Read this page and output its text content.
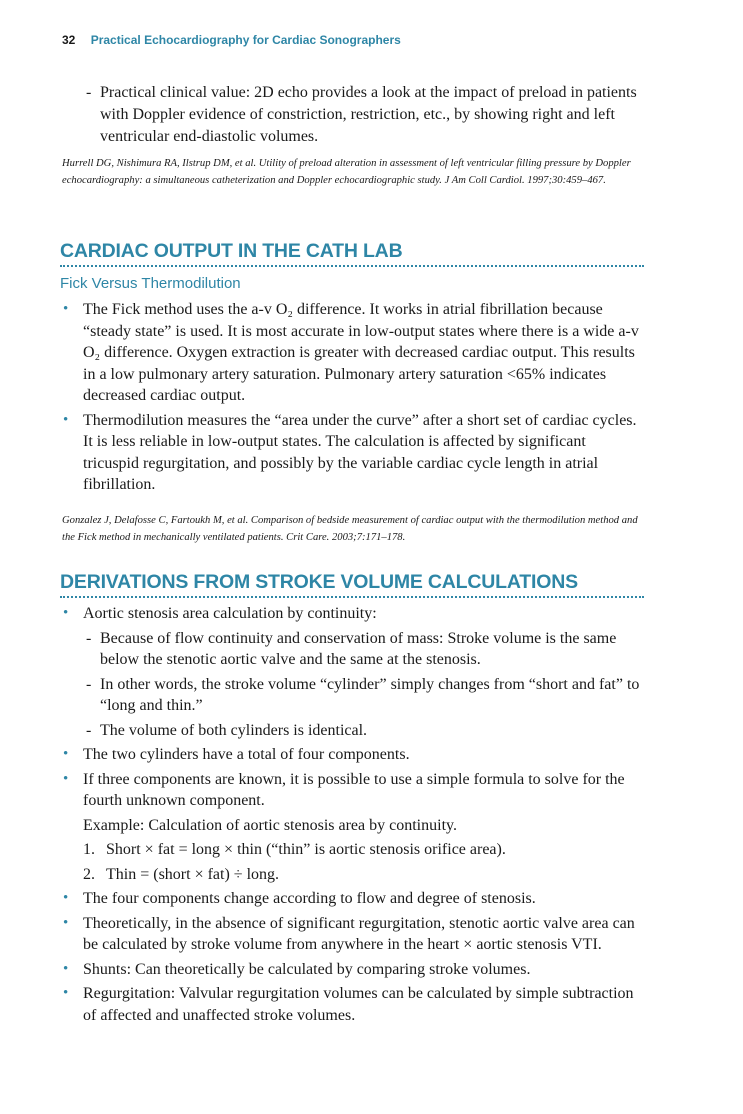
32 Practical Echocardiography for Cardiac Sonographers
- Practical clinical value: 2D echo provides a look at the impact of preload in patients with Doppler evidence of constriction, restriction, etc., by showing right and left ventricular end-diastolic volumes.
Hurrell DG, Nishimura RA, Ilstrup DM, et al. Utility of preload alteration in assessment of left ventricular filling pressure by Doppler echocardiography: a simultaneous catheterization and Doppler echocardiographic study. J Am Coll Cardiol. 1997;30:459–467.
CARDIAC OUTPUT IN THE CATH LAB
Fick Versus Thermodilution
• The Fick method uses the a-v O₂ difference. It works in atrial fibrillation because “steady state” is used. It is most accurate in low-output states where there is a wide a-v O₂ difference. Oxygen extraction is greater with decreased cardiac output. This results in a low pulmonary artery saturation. Pulmonary artery saturation <65% indicates decreased cardiac output.
• Thermodilution measures the “area under the curve” after a short set of cardiac cycles. It is less reliable in low-output states. The calculation is affected by significant tricuspid regurgitation, and possibly by the variable cardiac cycle length in atrial fibrillation.
Gonzalez J, Delafosse C, Fartoukh M, et al. Comparison of bedside measurement of cardiac output with the thermodilution method and the Fick method in mechanically ventilated patients. Crit Care. 2003;7:171–178.
DERIVATIONS FROM STROKE VOLUME CALCULATIONS
• Aortic stenosis area calculation by continuity:
- Because of flow continuity and conservation of mass: Stroke volume is the same below the stenotic aortic valve and the same at the stenosis.
- In other words, the stroke volume “cylinder” simply changes from “short and fat” to “long and thin.”
- The volume of both cylinders is identical.
• The two cylinders have a total of four components.
• If three components are known, it is possible to use a simple formula to solve for the fourth unknown component.
Example: Calculation of aortic stenosis area by continuity.
1. Short × fat = long × thin (“thin” is aortic stenosis orifice area).
2. Thin = (short × fat) ÷ long.
• The four components change according to flow and degree of stenosis.
• Theoretically, in the absence of significant regurgitation, stenotic aortic valve area can be calculated by stroke volume from anywhere in the heart × aortic stenosis VTI.
• Shunts: Can theoretically be calculated by comparing stroke volumes.
• Regurgitation: Valvular regurgitation volumes can be calculated by simple subtraction of affected and unaffected stroke volumes.
